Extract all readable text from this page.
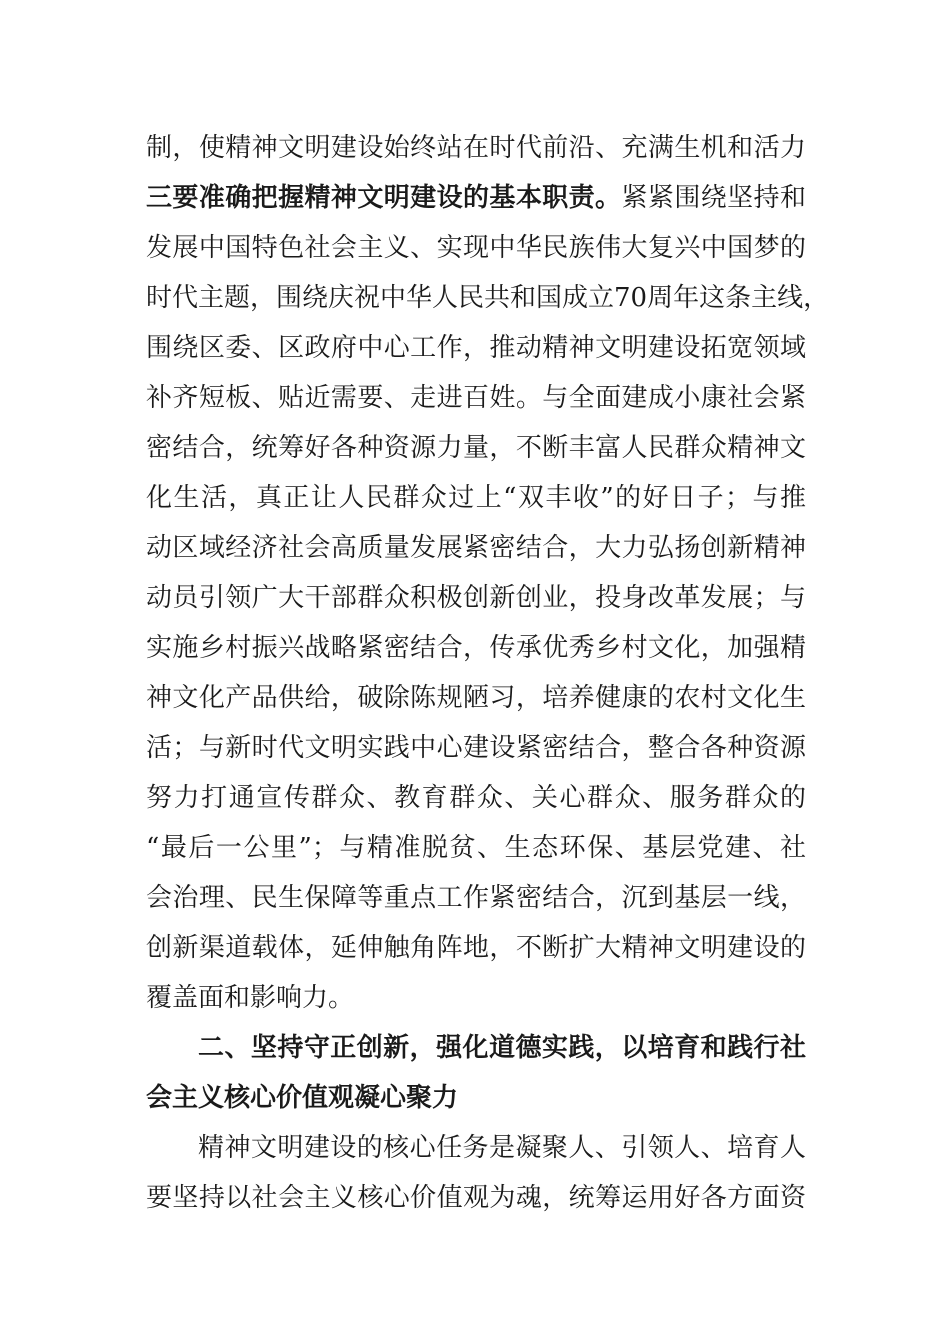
制，使精神文明建设始终站在时代前沿、充满生机和活力
三要准确把握精神文明建设的基本职责。紧紧围绕坚持和
发展中国特色社会主义、实现中华民族伟大复兴中国梦的
时代主题，围绕庆祝中华人民共和国成立70周年这条主线，
围绕区委、区政府中心工作，推动精神文明建设拓宽领域
补齐短板、贴近需要、走进百姓。与全面建成小康社会紧
密结合，统筹好各种资源力量，不断丰富人民群众精神文
化生活，真正让人民群众过上“双丰收”的好日子；与推
动区域经济社会高质量发展紧密结合，大力弘扬创新精神
动员引领广大干部群众积极创新创业，投身改革发展；与
实施乡村振兴战略紧密结合，传承优秀乡村文化，加强精
神文化产品供给，破除陈规陋习，培养健康的农村文化生
活；与新时代文明实践中心建设紧密结合，整合各种资源
努力打通宣传群众、教育群众、关心群众、服务群众的
“最后一公里”；与精准脱贫、生态环保、基层党建、社
会治理、民生保障等重点工作紧密结合，沉到基层一线，
创新渠道载体，延伸触角阵地，不断扩大精神文明建设的
覆盖面和影响力。
二、坚持守正创新，强化道德实践，以培育和践行社
会主义核心价值观凝心聚力
精神文明建设的核心任务是凝聚人、引领人、培育人
要坚持以社会主义核心价值观为魂，统筹运用好各方面资
